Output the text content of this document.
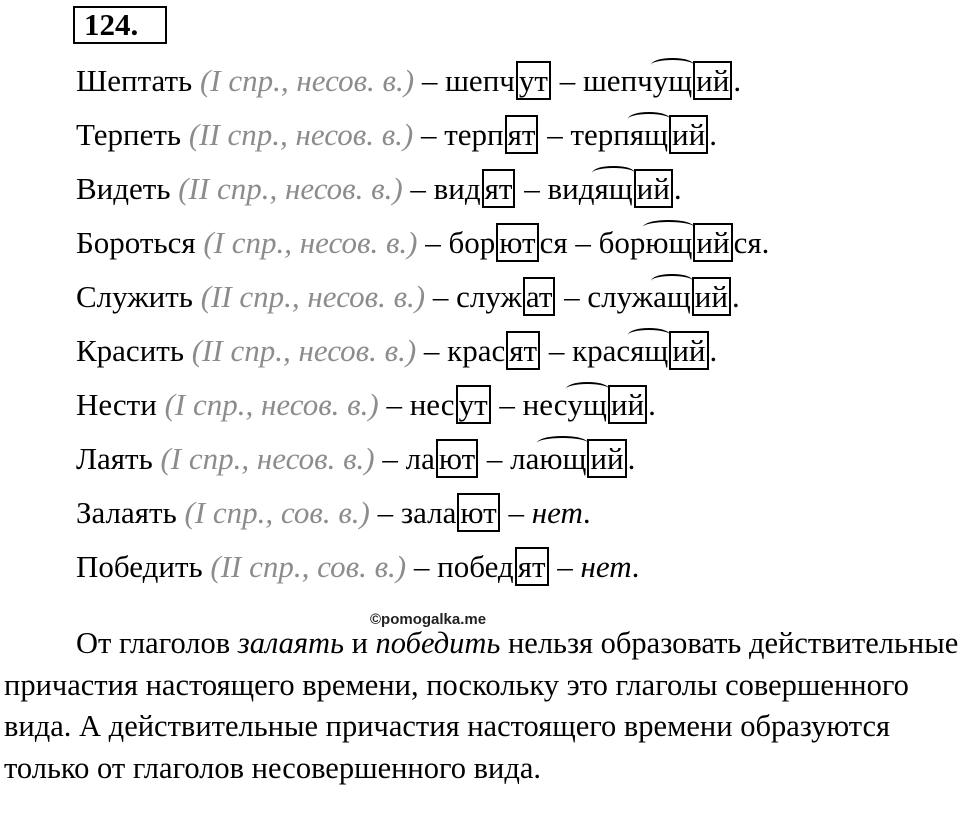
124.
Шептать (I спр., несов. в.) – шепч ут – шепчущ ий .
Терпеть (II спр., несов. в.) – терп ят – терпящ ий .
Видеть (II спр., несов. в.) – вид ят – видящ ий .
Бороться (I спр., несов. в.) – бор ют ся – борющ ий ся.
Служить (II спр., несов. в.) – служ ат – служащ ий .
Красить (II спр., несов. в.) – крас ят – красящ ий .
Нести (I спр., несов. в.) – нес ут – несущ ий .
Лаять (I спр., несов. в.) – ла ют – лающ ий .
Залаять (I спр., сов. в.) – зала ют – нет.
Победить (II спр., сов. в.) – побед ят – нет.
©pomogalka.me
От глаголов залаять и победить нельзя образовать действительные причастия настоящего времени, поскольку это глаголы совершенного вида. А действительные причастия настоящего времени образуются только от глаголов несовершенного вида.
